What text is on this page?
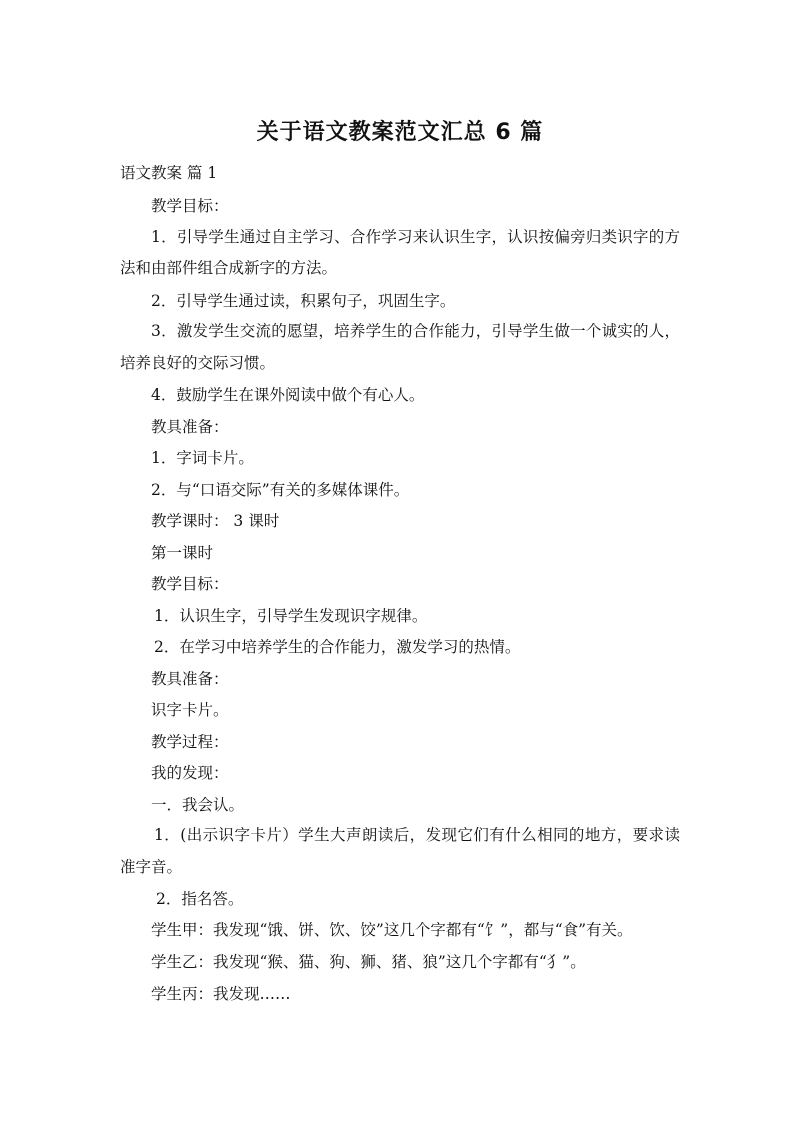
关于语文教案范文汇总 6 篇
语文教案 篇 1

教学目标：

1．引导学生通过自主学习、合作学习来认识生字，认识按偏旁归类识字的方法和由部件组合成新字的方法。

2．引导学生通过读，积累句子，巩固生字。

3．激发学生交流的愿望，培养学生的合作能力，引导学生做一个诚实的人，培养良好的交际习惯。

4．鼓励学生在课外阅读中做个有心人。

教具准备：

1．字词卡片。

2．与“口语交际”有关的多媒体课件。

教学课时： 3 课时

第一课时

教学目标：

1．认识生字，引导学生发现识字规律。

2．在学习中培养学生的合作能力，激发学习的热情。

教具准备：

识字卡片。

教学过程：

我的发现：

一．我会认。

1．(出示识字卡片）学生大声朗读后，发现它们有什么相同的地方，要求读准字音。

2．指名答。

学生甲：我发现“饿、饼、饮、饺”这几个字都有“饣”，都与“食”有关。

学生乙：我发现“猴、猫、狗、狮、猪、狼”这几个字都有“犭”。

学生丙：我发现……
